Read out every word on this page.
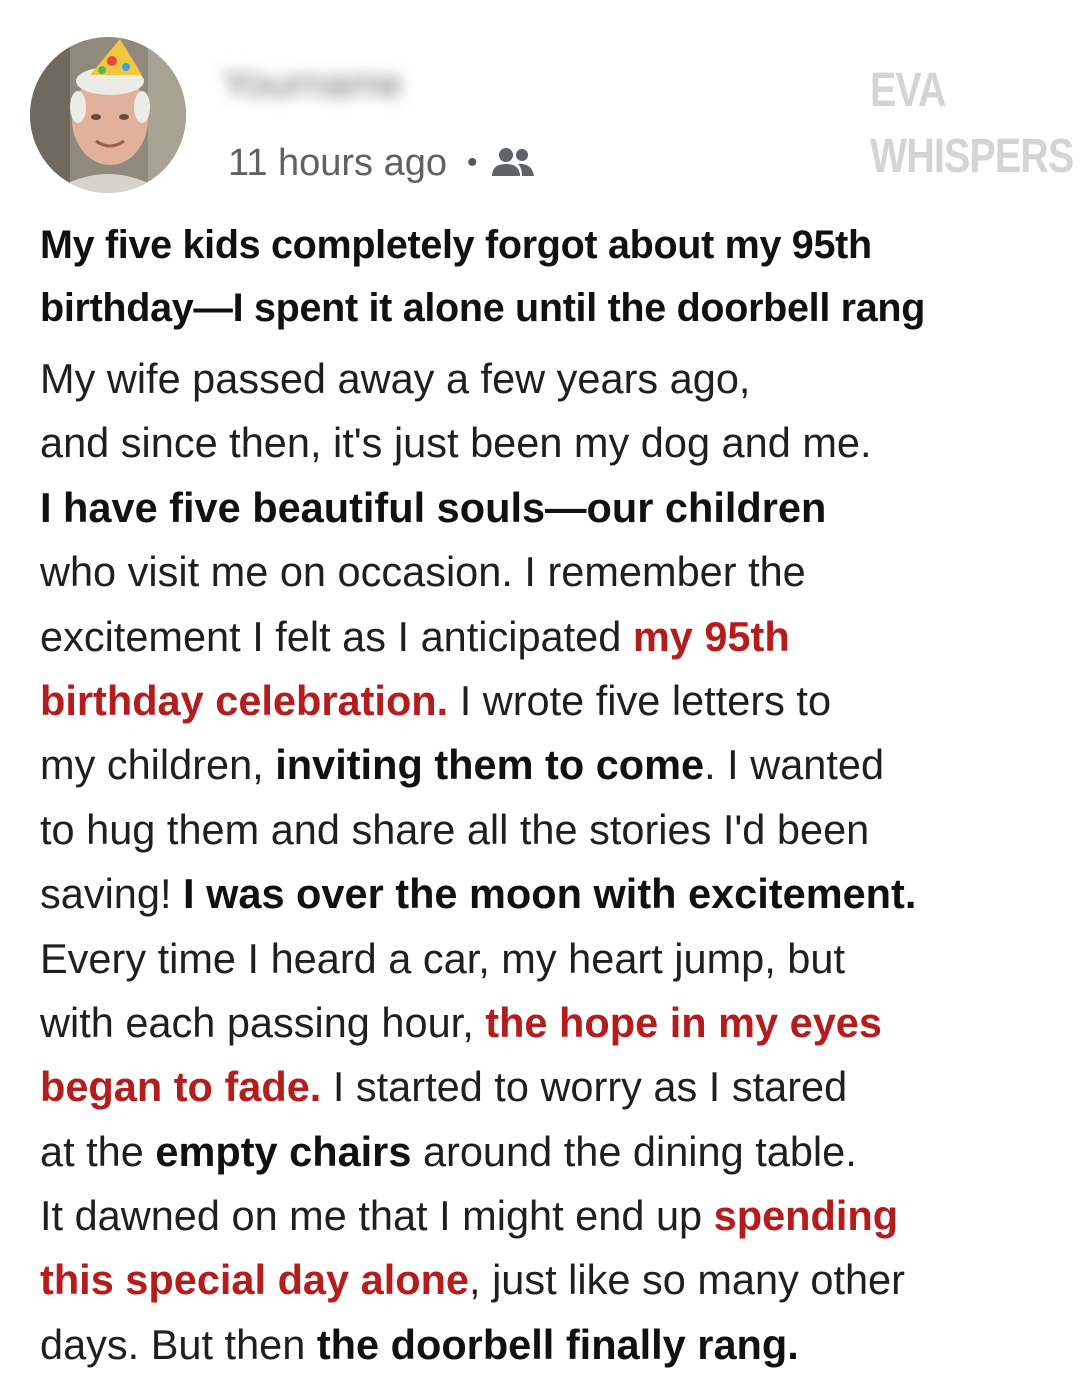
Yourname
11 hours ago •
EVA
WHISPERS
My five kids completely forgot about my 95th
birthday—I spent it alone until the doorbell rang
My wife passed away a few years ago,
and since then, it's just been my dog and me.
I have five beautiful souls—our children
who visit me on occasion. I remember the
excitement I felt as I anticipated my 95th
birthday celebration. I wrote five letters to
my children, inviting them to come. I wanted
to hug them and share all the stories I'd been
saving! I was over the moon with excitement.
Every time I heard a car, my heart jump, but
with each passing hour, the hope in my eyes
began to fade. I started to worry as I stared
at the empty chairs around the dining table.
It dawned on me that I might end up spending
this special day alone, just like so many other
days. But then the doorbell finally rang.
